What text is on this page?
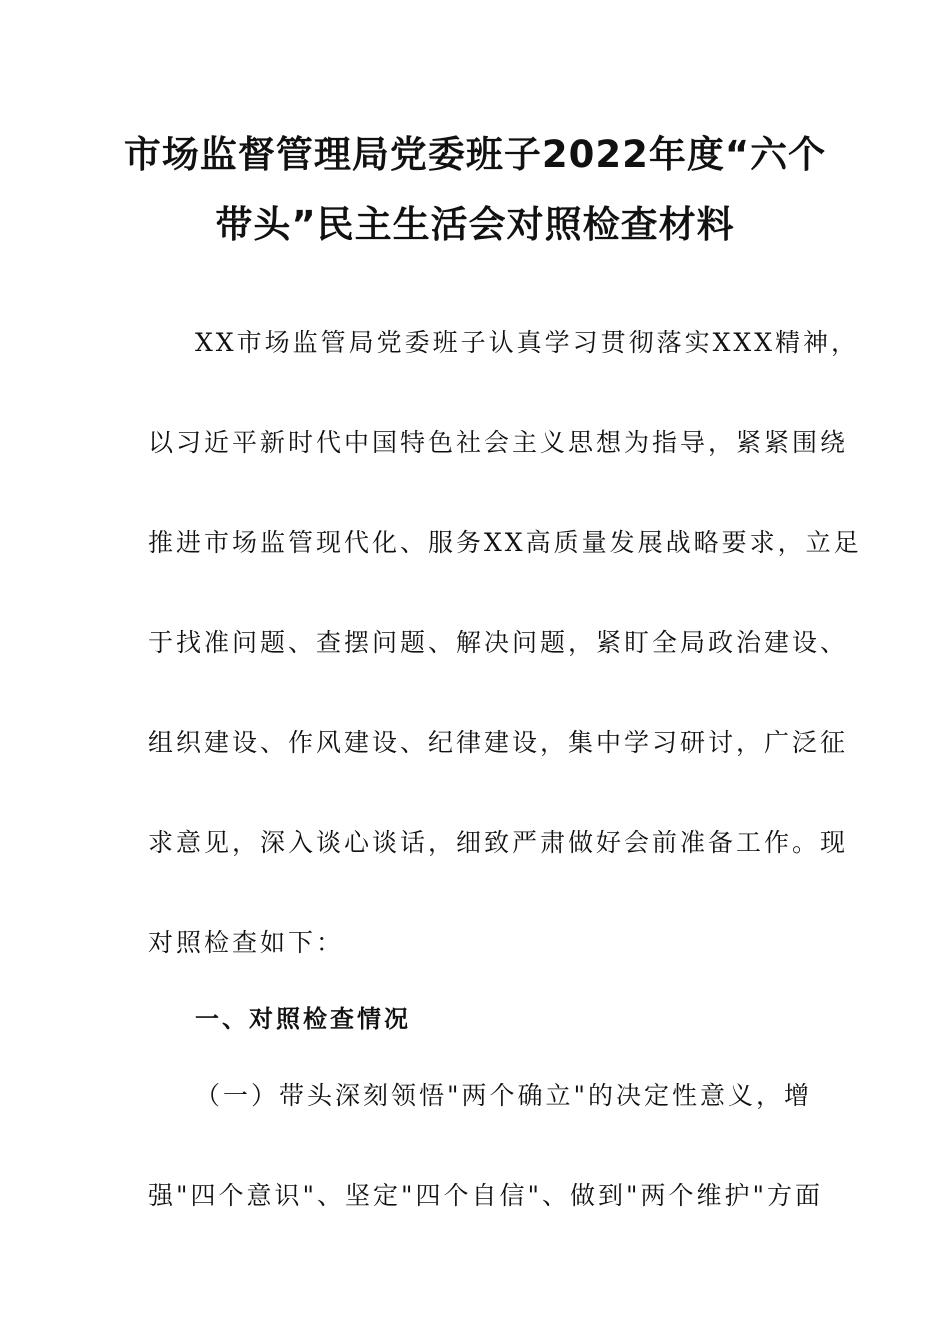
市场监督管理局党委班子2022年度“六个
带头”民主生活会对照检查材料
XX市场监管局党委班子认真学习贯彻落实XXX精神，
以习近平新时代中国特色社会主义思想为指导，紧紧围绕
推进市场监管现代化、服务XX高质量发展战略要求，立足
于找准问题、查摆问题、解决问题，紧盯全局政治建设、
组织建设、作风建设、纪律建设，集中学习研讨，广泛征
求意见，深入谈心谈话，细致严肃做好会前准备工作。现
对照检查如下：
一、对照检查情况
（一）带头深刻领悟"两个确立"的决定性意义，增
强"四个意识"、坚定"四个自信"、做到"两个维护"方面
